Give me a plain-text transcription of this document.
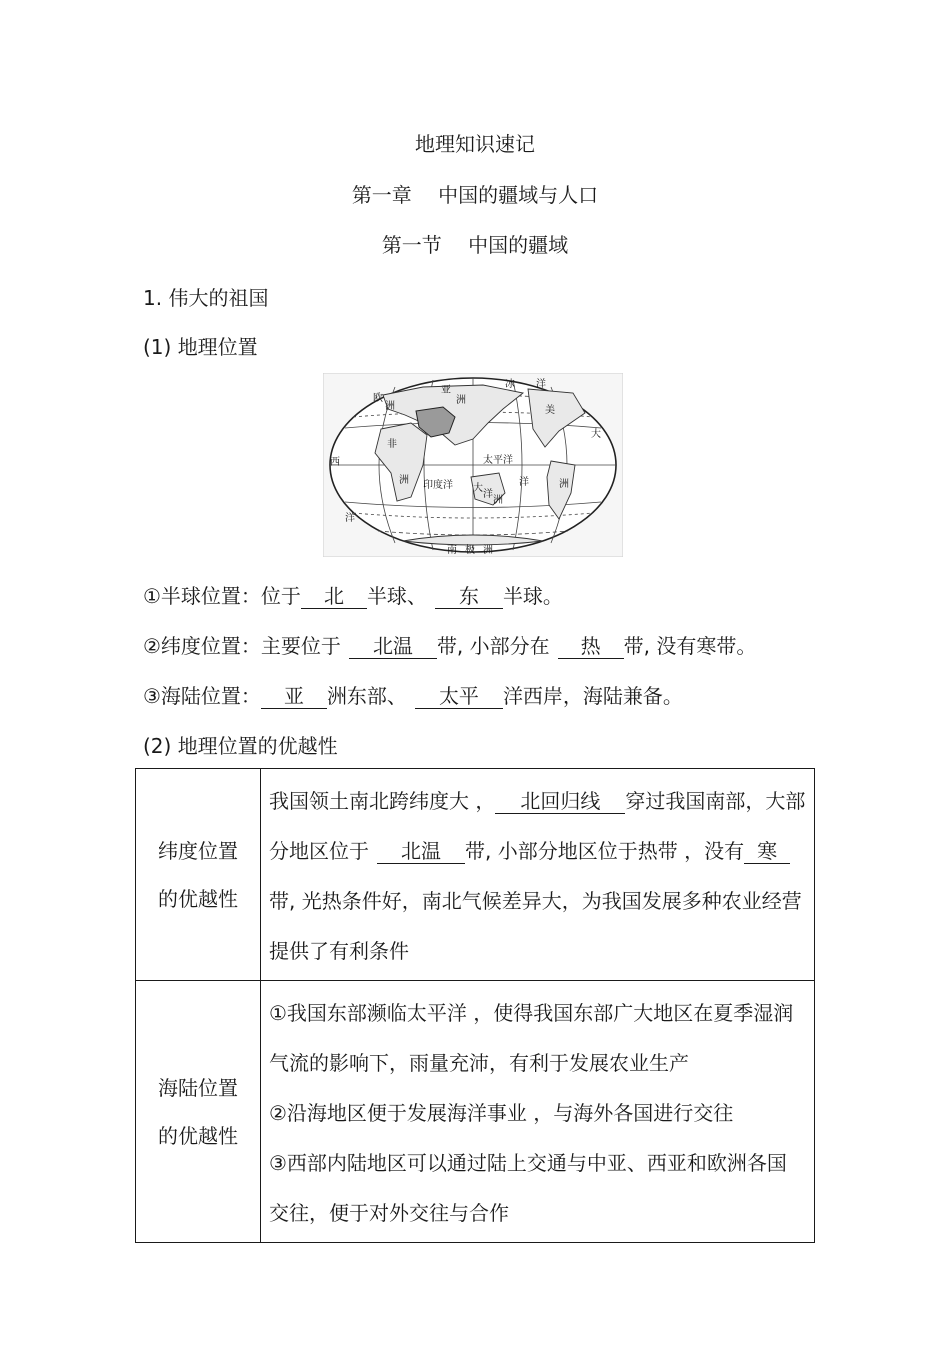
地理知识速记
第一章　 中国的疆域与人口
第一节　 中国的疆域
1. 伟大的祖国
(1) 地理位置
冰 洋
太平洋
印度洋	洋
大
西
洋
欧
洲
亚
洲
非
洲
美
洲
大
洋
洲
南 极 洲
①半球位置：位于 北 半球、 东 半球。
②纬度位置：主要位于 北温 带, 小部分在 热 带, 没有寒带。
③海陆位置： 亚 洲东部、 太平 洋西岸，海陆兼备。
(2) 地理位置的优越性
纬度位置
的优越性	我国领土南北跨纬度大 ， 北回归线 穿过我国南部，大部分地区位于 北温 带, 小部分地区位于热带 ，没有 寒带, 光热条件好，南北气候差异大，为我国发展多种农业经营提供了有利条件

海陆位置
的优越性	①我国东部濒临太平洋 ，使得我国东部广大地区在夏季湿润气流的影响下，雨量充沛，有利于发展农业生产
②沿海地区便于发展海洋事业 ，与海外各国进行交往
③西部内陆地区可以通过陆上交通与中亚、西亚和欧洲各国交往，便于对外交往与合作
